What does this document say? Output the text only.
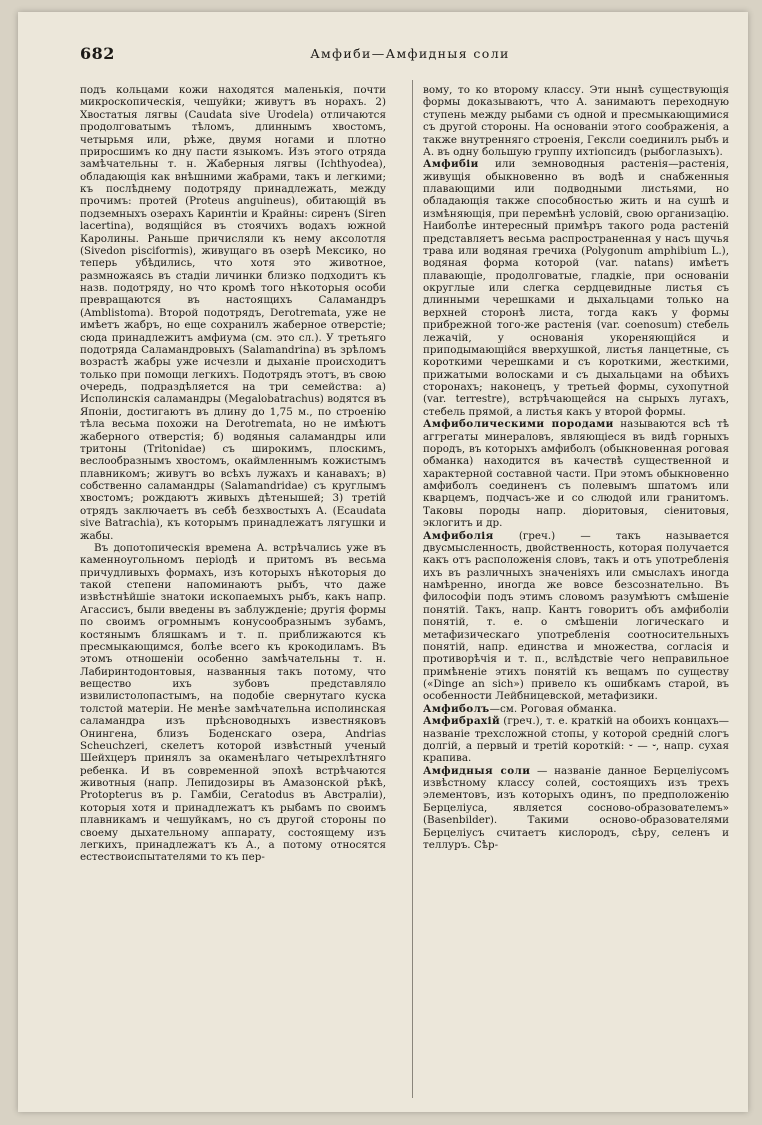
682	Амфиби—Амфидныя соли

подъ кольцами кожи находятся маленькія, почти микроскопическія, чешуйки; живутъ въ норахъ. 2) Хвостатыя лягвы (Caudata sive Urodela) отличаются продолговатымъ тѣломъ, длиннымъ хвостомъ, четырьмя или, рѣже, двумя ногами и плотно приросшимъ ко дну пасти языкомъ. Изъ этого отряда замѣчательны т. н. Жаберныя лягвы (Ichthyodea), обладающія как внѣшними жабрами, такъ и легкими; къ послѣднему подотряду принадлежать, между прочимъ: протей (Proteus anguineus), обитающій въ подземныхъ озерахъ Каринтіи и Крайны: сиренъ (Siren lacertina), водящійся въ стоячихъ водахъ южной Каролины. Раньше причисляли къ нему аксолотля (Sivedon pisciformis), живущаго въ озерѣ Мексико, но теперь убѣдились, что хотя это животное, размножаясь въ стадіи личинки близко подходитъ къ назв. подотряду, но что кромѣ того нѣкоторыя особи превращаются въ настоящихъ Саламандръ (Amblistoma). Второй подотрядъ, Derotremata, уже не имѣетъ жабръ, но еще сохранилъ жаберное отверстіе; сюда принадлежитъ амфиума (см. это сл.). У третьяго подотряда Саламандровыхъ (Salamandrina) въ зрѣломъ возрастѣ жабры уже исчезли и дыханіе происходитъ только при помощи легкихъ. Подотрядъ этотъ, въ свою очередь, подраздѣляется на три семейства: а) Исполинскія саламандры (Megalobatrachus) водятся въ Японіи, достигаютъ въ длину до 1,75 м., по строенію тѣла весьма похожи на Derotremata, но не имѣютъ жаберного отверстія; б) водяныя саламандры или тритоны (Tritonidae) съ широкимъ, плоскимъ, веслообразнымъ хвостомъ, окаймленнымъ кожистымъ плавникомъ; живутъ во всѣхъ лужахъ и канавахъ; в) собственно саламандры (Salamandridae) съ круглымъ хвостомъ; рождаютъ живыхъ дѣтенышей; 3) третій отрядъ заключаетъ въ себѣ безхвостыхъ А. (Ecaudata sive Batrachia), къ которымъ принадлежатъ лягушки и жабы.

Въ допотопическія времена А. встрѣчались уже въ каменноугольномъ періодѣ и притомъ въ весьма причудливыхъ формахъ, изъ которыхъ нѣкоторыя до такой степени напоминаютъ рыбъ, что даже извѣстнѣйшіе знатоки ископаемыхъ рыбъ, какъ напр. Агассисъ, были введены въ заблужденіе; другія формы по своимъ огромнымъ конусообразнымъ зубамъ, костянымъ бляшкамъ и т. п. приближаются къ пресмыкающимся, болѣе всего къ крокодиламъ. Въ этомъ отношеніи особенно замѣчательны т. н. Лабиринтодонтовыя, названныя такъ потому, что вещество ихъ зубовъ представляло извилистолопастымъ, на подобіе свернутаго куска толстой матеріи. Не менѣе замѣчательна исполинская саламандра изъ прѣсноводныхъ известняковъ Онингена, близъ Боденскаго озера, Andrias Scheuchzeri, скелетъ которой извѣстный ученый Шейхцеръ принялъ за окаменѣлаго четырехлѣтняго ребенка. И въ современной эпохѣ встрѣчаются животныя (напр. Лепидозиры въ Амазонской рѣкѣ, Protopterus въ р. Гамбіи, Ceratodus въ Австраліи), которыя хотя и принадлежатъ къ рыбамъ по своимъ плавникамъ и чешуйкамъ, но съ другой стороны по своему дыхательному аппарату, состоящему изъ легкихъ, принадлежатъ къ А., а потому относятся естествоиспытателями то къ пер-

вому, то ко второму классу. Эти нынѣ существующія формы доказываютъ, что А. занимаютъ переходную ступень между рыбами съ одной и пресмыкающимися съ другой стороны. На основаніи этого соображенія, а также внутренняго строенія, Гексли соединилъ рыбъ и А. въ одну большую группу ихтіопсидъ (рыбоглазыхъ).

Амфибіи или земноводныя растенія—растенія, живущія обыкновенно въ водѣ и снабженныя плавающими или подводными листьями, но обладающія также способностью жить и на сушѣ и измѣняющія, при перемѣнѣ условій, свою организацію. Наиболѣе интересный примѣръ такого рода растеній представляетъ весьма распространенная у насъ щучья трава или водяная гречиха (Polygonum amphibium L.), водяная форма которой (var. natans) имѣетъ плавающіе, продолговатые, гладкіе, при основаніи округлые или слегка сердцевидные листья съ длинными черешками и дыхальцами только на верхней сторонѣ листа, тогда какъ у формы прибрежной того-же растенія (var. coenosum) стебель лежачій, у основанія укореняющійся и приподымающійся вверхушкой, листья ланцетные, съ короткими черешками и съ короткими, жесткими, прижатыми волосками и съ дыхальцами на обѣихъ сторонахъ; наконецъ, у третьей формы, сухопутной (var. terrestre), встрѣчающейся на сырыхъ лугахъ, стебель прямой, а листья какъ у второй формы.

Амфиболическими породами называются всѣ тѣ аггрегаты минераловъ, являющіеся въ видѣ горныхъ породъ, въ которыхъ амфиболъ (обыкновенная роговая обманка) находится въ качествѣ существенной и характерной составной части. При этомъ обыкновенно амфиболъ соединенъ съ полевымъ шпатомъ или кварцемъ, подчасъ-же и со слюдой или гранитомъ. Таковы породы напр. діоритовыя, сіенитовыя, эклогитъ и др.

Амфиболія (греч.) — такъ называется двусмысленность, двойственность, которая получается какъ отъ расположенія словъ, такъ и отъ употребленія ихъ въ различныхъ значеніяхъ или смыслахъ иногда намѣренно, иногда же вовсе безсознательно. Въ философіи подъ этимъ словомъ разумѣютъ смѣшеніе понятій. Такъ, напр. Кантъ говоритъ объ амфиболіи понятій, т. е. о смѣшеніи логическаго и метафизическаго употребленія соотносительныхъ понятій, напр. единства и множества, согласія и противорѣчія и т. п., вслѣдствіе чего неправильное примѣненіе этихъ понятій къ вещамъ по существу («Dinge an sich») привело къ ошибкамъ старой, въ особенности Лейбницевской, метафизики.

Амфиболъ—см. Роговая обманка.

Амфибрахій (греч.), т. е. краткій на обоихъ концахъ—названіе трехсложной стопы, у которой средній слогъ долгій, а первый и третій короткій: ⏑ — ⏑, напр. сухая крапива.

Амфидныя соли — названіе данное Берцеліусомъ извѣстному классу солей, состоящихъ изъ трехъ элементовъ, изъ которыхъ одинъ, по предположенію Берцеліуса, является сосново-образователемъ» (Basenbilder). Такими осново-образователями Берцеліусъ считаетъ кислородъ, сѣру, селенъ и теллуръ. Сѣр-
